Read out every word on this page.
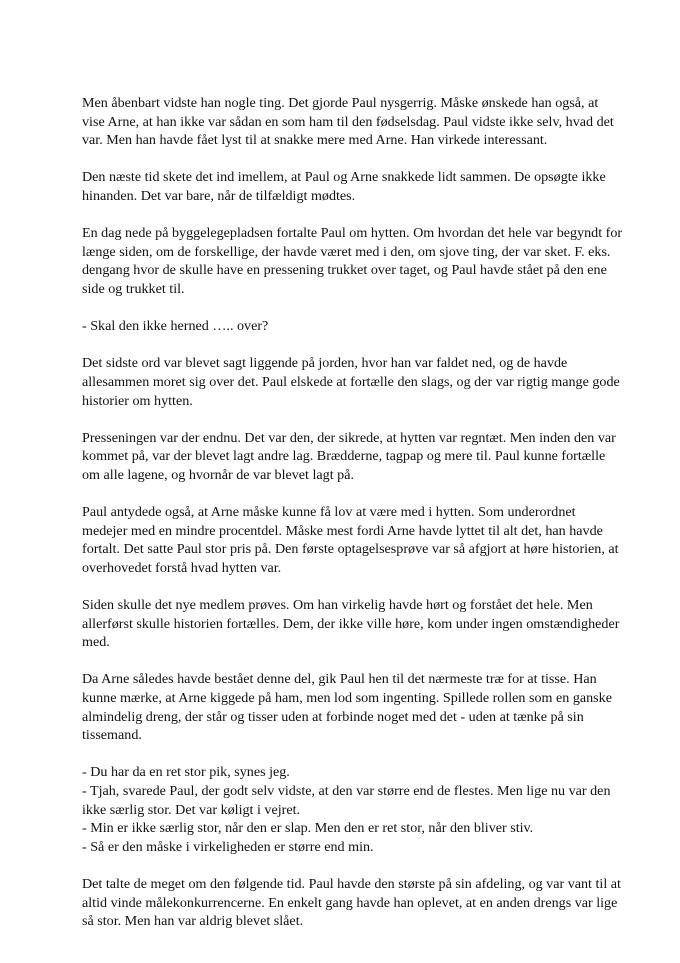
Men åbenbart vidste han nogle ting. Det gjorde Paul nysgerrig. Måske ønskede han også, at
vise Arne, at han ikke var sådan en som ham til den fødselsdag. Paul vidste ikke selv, hvad det
var. Men han havde fået lyst til at snakke mere med Arne. Han virkede interessant.
Den næste tid skete det ind imellem, at Paul og Arne snakkede lidt sammen. De opsøgte ikke
hinanden. Det var bare, når de tilfældigt mødtes.
En dag nede på byggelegepladsen fortalte Paul om hytten. Om hvordan det hele var begyndt for
længe siden, om de forskellige, der havde været med i den, om sjove ting, der var sket. F. eks.
dengang hvor de skulle have en pressening trukket over taget, og Paul havde stået på den ene
side og trukket til.
- Skal den ikke herned ….. over?
Det sidste ord var blevet sagt liggende på jorden, hvor han var faldet ned, og de havde
allesammen moret sig over det. Paul elskede at fortælle den slags, og der var rigtig mange gode
historier om hytten.
Presseningen var der endnu. Det var den, der sikrede, at hytten var regntæt. Men inden den var
kommet på, var der blevet lagt andre lag. Brædderne, tagpap og mere til. Paul kunne fortælle
om alle lagene, og hvornår de var blevet lagt på.
Paul antydede også, at Arne måske kunne få lov at være med i hytten. Som underordnet
medejer med en mindre procentdel. Måske mest fordi Arne havde lyttet til alt det, han havde
fortalt. Det satte Paul stor pris på. Den første optagelsesprøve var så afgjort at høre historien, at
overhovedet forstå hvad hytten var.
Siden skulle det nye medlem prøves. Om han virkelig havde hørt og forstået det hele. Men
allerførst skulle historien fortælles. Dem, der ikke ville høre, kom under ingen omstændigheder
med.
Da Arne således havde bestået denne del, gik Paul hen til det nærmeste træ for at tisse. Han
kunne mærke, at Arne kiggede på ham, men lod som ingenting. Spillede rollen som en ganske
almindelig dreng, der står og tisser uden at forbinde noget med det - uden at tænke på sin
tissemand.
- Du har da en ret stor pik, synes jeg.
- Tjah, svarede Paul, der godt selv vidste, at den var større end de flestes. Men lige nu var den
ikke særlig stor. Det var køligt i vejret.
- Min er ikke særlig stor, når den er slap. Men den er ret stor, når den bliver stiv.
- Så er den måske i virkeligheden er større end min.
Det talte de meget om den følgende tid. Paul havde den største på sin afdeling, og var vant til at
altid vinde målekonkurrencerne. En enkelt gang havde han oplevet, at en anden drengs var lige
så stor. Men han var aldrig blevet slået.
